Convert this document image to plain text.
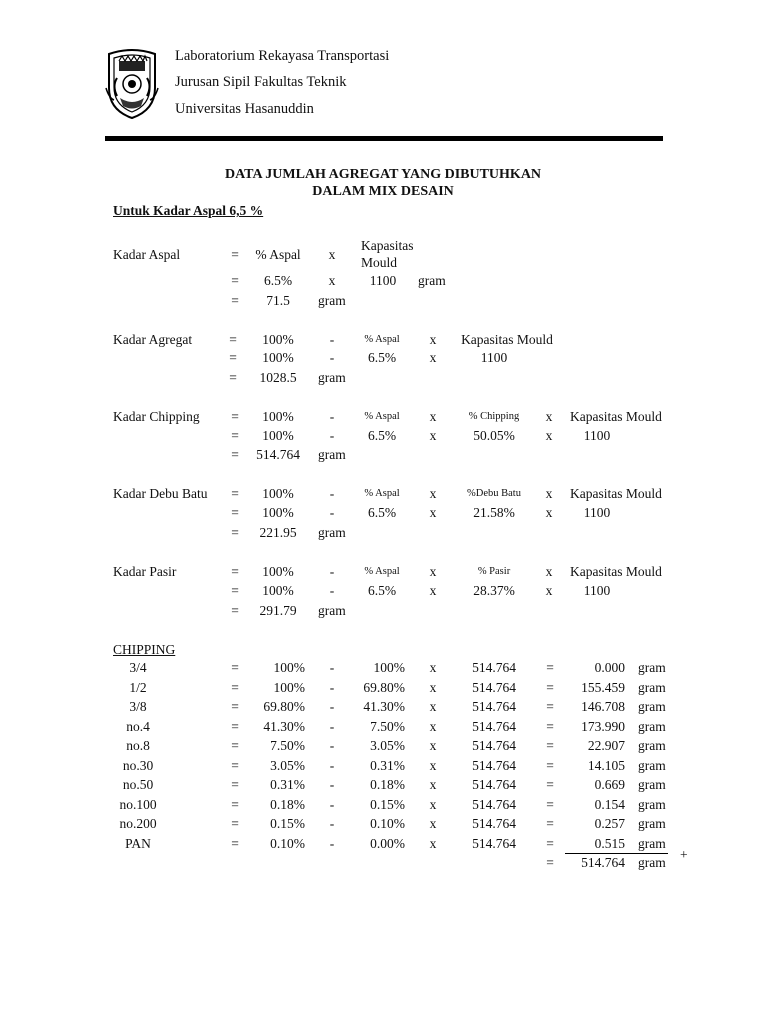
Laboratorium Rekayasa Transportasi
Jurusan Sipil Fakultas Teknik
Universitas Hasanuddin
DATA JUMLAH AGREGAT YANG DIBUTUHKAN
DALAM MIX DESAIN
Untuk Kadar Aspal 6,5 %
Kadar Aspal	= % Aspal x
Kapasitas
Mould
= 6.5%	x	1100 gram
= 71.5 gram
Kadar Agregat	= 100%	-	% Aspal x Kapasitas Mould
= 100%	- 6.5% x	1100
= 1028.5 gram
Kadar Chipping = 100%	-	% Aspal x	% Chipping x Kapasitas Mould
= 100%	- 6.5% x	50.05% x 1100
= 514.764 gram
Kadar Debu Batu = 100%	-	% Aspal x	%Debu Batu x Kapasitas Mould
= 100%	- 6.5% x	21.58% x 1100
= 221.95 gram
Kadar Pasir	= 100%	-	% Aspal x	% Pasir	x Kapasitas Mould
= 100%	- 6.5% x	28.37% x 1100
= 291.79 gram
CHIPPING
3/4	=	100% -	100% x	514.764 =	0.000 gram
1/2	=	100% - 69.80% x	514.764 = 155.459 gram
3/8	= 69.80% - 41.30% x	514.764 = 146.708 gram
no.4	= 41.30% -	7.50% x	514.764 = 173.990 gram
no.8	= 7.50% -	3.05% x	514.764 =	22.907 gram
no.30	= 3.05% -	0.31% x	514.764 =	14.105 gram
no.50	= 0.31% -	0.18% x	514.764 =	0.669 gram
no.100	= 0.18% -	0.15% x	514.764 =	0.154 gram
no.200	= 0.15% -	0.10% x	514.764 =	0.257 gram
PAN	= 0.10% -	0.00% x	514.764 =	0.515 gram
+
= 514.764 gram
